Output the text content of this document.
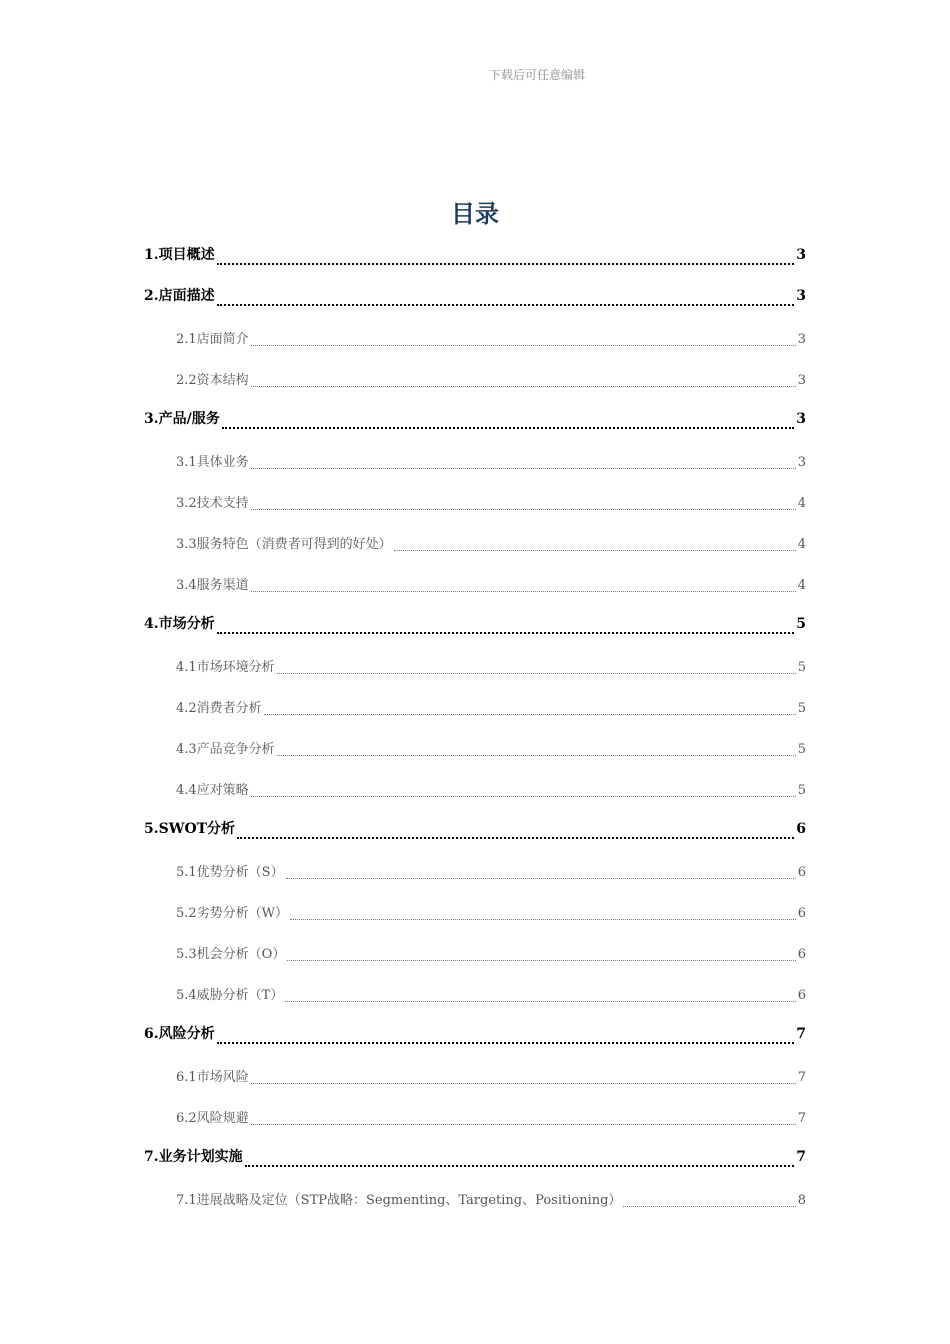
下载后可任意编辑
目录
1.项目概述	3
2.店面描述	3
2.1店面简介	3
2.2资本结构	3
3.产品/服务	3
3.1具体业务	3
3.2技术支持	4
3.3服务特色（消费者可得到的好处）	4
3.4服务渠道	4
4.市场分析	5
4.1市场环境分析	5
4.2消费者分析	5
4.3产品竞争分析	5
4.4应对策略	5
5.SWOT分析	6
5.1优势分析（S）	6
5.2劣势分析（W）	6
5.3机会分析（O）	6
5.4威胁分析（T）	6
6.风险分析	7
6.1市场风险	7
6.2风险规避	7
7.业务计划实施	7
7.1进展战略及定位（STP战略：Segmenting、Targeting、Positioning）	8
